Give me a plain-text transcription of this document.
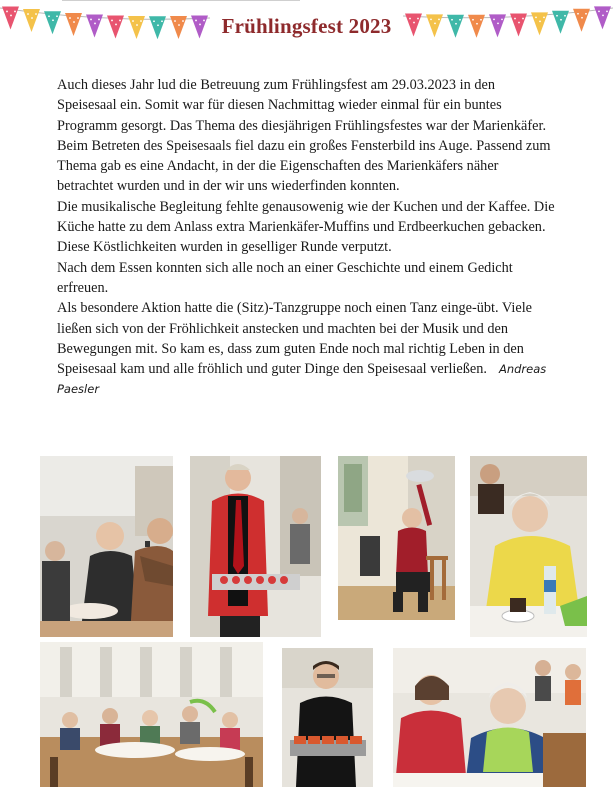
Frühlingsfest 2023

Auch dieses Jahr lud die Betreuung zum Frühlingsfest am 29.03.2023 in den Speisesaal ein. Somit war für diesen Nachmittag wieder einmal für ein buntes Programm gesorgt. Das Thema des diesjährigen Frühlingsfestes war der Marienkäfer. Beim Betreten des Speisesaals fiel dazu ein großes Fensterbild ins Auge. Passend zum Thema gab es eine Andacht, in der die Eigenschaften des Marienkäfers näher betrachtet wurden und in der wir uns wiederfinden konnten.

Die musikalische Begleitung fehlte genausowenig wie der Kuchen und der Kaffee. Die Küche hatte zu dem Anlass extra Marienkäfer-Muffins und Erdbeerkuchen gebacken. Diese Köstlichkeiten wurden in geselliger Runde verputzt.

Nach dem Essen konnten sich alle noch an einer Geschichte und einem Gedicht erfreuen.

Als besondere Aktion hatte die (Sitz)-Tanzgruppe noch einen Tanz einge-übt. Viele ließen sich von der Fröhlichkeit anstecken und machten bei der Musik und den Bewegungen mit. So kam es, dass zum guten Ende noch mal richtig Leben in den Speisesaal kam und alle fröhlich und guter Dinge den Speisesaal verließen. Andreas Paesler
